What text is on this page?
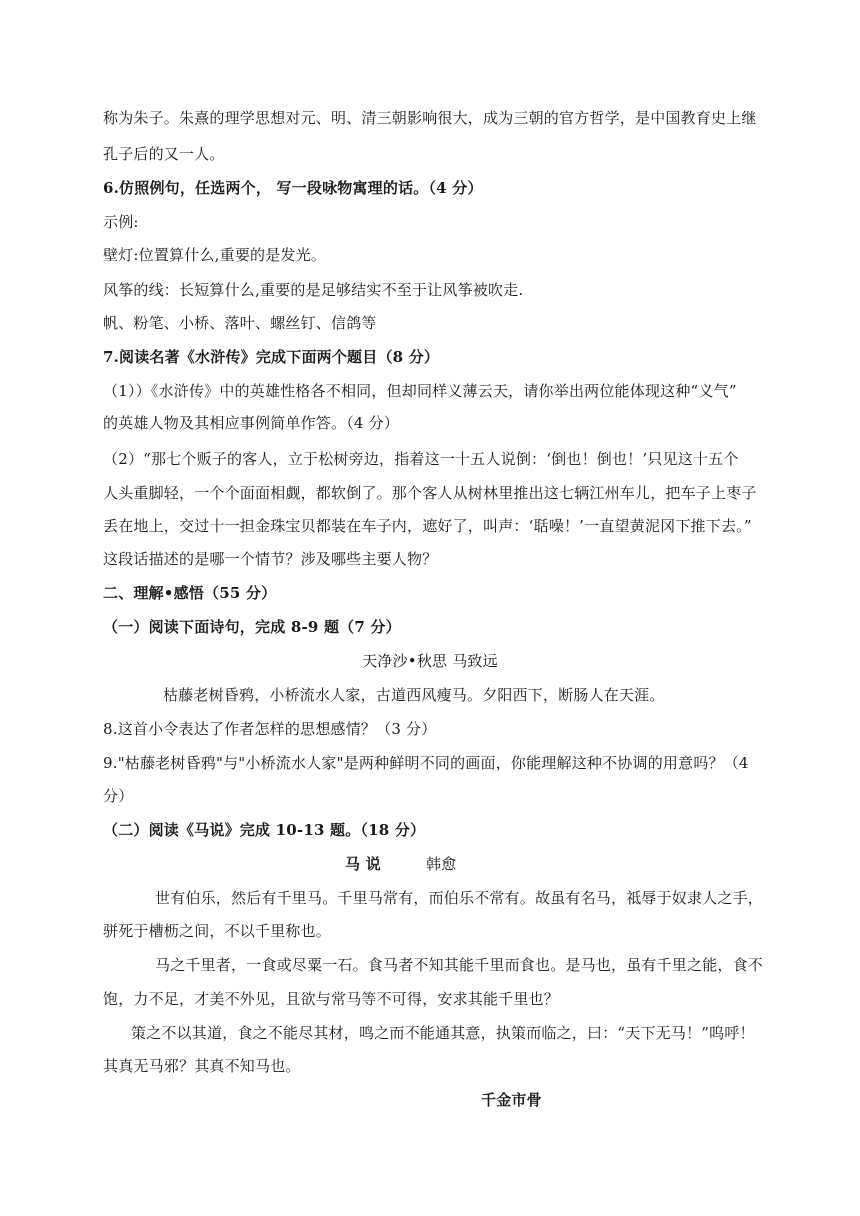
称为朱子。朱熹的理学思想对元、明、清三朝影响很大，成为三朝的官方哲学，是中国教育史上继

孔子后的又一人。

6.仿照例句，任选两个， 写一段咏物寓理的话。（4 分）

示例:

壁灯:位置算什么,重要的是发光。

风筝的线：长短算什么,重要的是足够结实不至于让风筝被吹走.

帆、粉笔、小桥、落叶、螺丝钉、信鸽等

7.阅读名著《水浒传》完成下面两个题目（8 分）

（1））《水浒传》中的英雄性格各不相同，但却同样义薄云天，请你举出两位能体现这种“义气”

的英雄人物及其相应事例简单作答。（4 分）

（2）“那七个贩子的客人，立于松树旁边，指着这一十五人说倒：‘倒也！倒也！’只见这十五个

人头重脚轻，一个个面面相觑，都软倒了。那个客人从树林里推出这七辆江州车儿，把车子上枣子

丢在地上，交过十一担金珠宝贝都装在车子内，遮好了，叫声：‘聒噪！’一直望黄泥冈下推下去。”

这段话描述的是哪一个情节？涉及哪些主要人物？

二、理解•感悟（55 分）

（一）阅读下面诗句，完成 8-9 题（7 分）

天净沙•秋思 马致远

枯藤老树昏鸦，小桥流水人家，古道西风瘦马。夕阳西下，断肠人在天涯。

8.这首小令表达了作者怎样的思想感情？（3 分）

9."枯藤老树昏鸦"与"小桥流水人家"是两种鲜明不同的画面，你能理解这种不协调的用意吗？（4

分）

（二）阅读《马说》完成 10-13 题。（18 分）

马 说	韩愈

世有伯乐，然后有千里马。千里马常有，而伯乐不常有。故虽有名马，祗辱于奴隶人之手，

骈死于槽枥之间，不以千里称也。

马之千里者，一食或尽粟一石。食马者不知其能千里而食也。是马也，虽有千里之能，食不

饱，力不足，才美不外见，且欲与常马等不可得，安求其能千里也？

策之不以其道，食之不能尽其材，鸣之而不能通其意，执策而临之，曰：“天下无马！”呜呼！

其真无马邪？其真不知马也。

千金市骨
